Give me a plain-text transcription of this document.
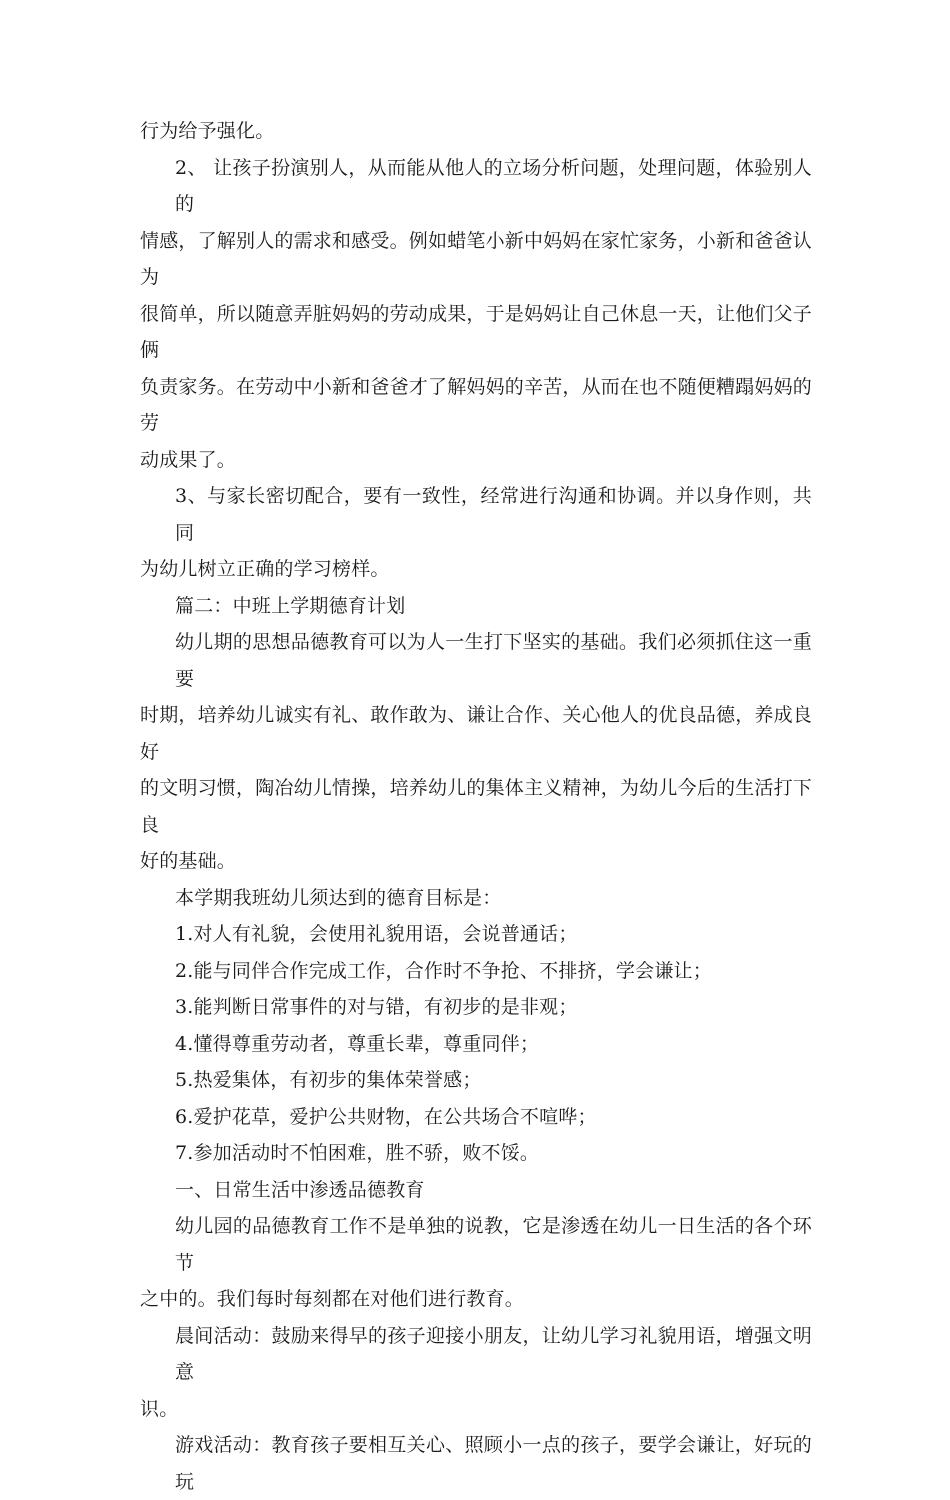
行为给予强化。

2、 让孩子扮演别人，从而能从他人的立场分析问题，处理问题，体验别人的
情感，了解别人的需求和感受。例如蜡笔小新中妈妈在家忙家务，小新和爸爸认为
很简单，所以随意弄脏妈妈的劳动成果，于是妈妈让自己休息一天，让他们父子俩
负责家务。在劳动中小新和爸爸才了解妈妈的辛苦，从而在也不随便糟蹋妈妈的劳
动成果了。

3、与家长密切配合，要有一致性，经常进行沟通和协调。并以身作则，共同
为幼儿树立正确的学习榜样。

篇二：中班上学期德育计划

幼儿期的思想品德教育可以为人一生打下坚实的基础。我们必须抓住这一重要
时期，培养幼儿诚实有礼、敢作敢为、谦让合作、关心他人的优良品德，养成良好
的文明习惯，陶冶幼儿情操，培养幼儿的集体主义精神，为幼儿今后的生活打下良
好的基础。

本学期我班幼儿须达到的德育目标是：

1.对人有礼貌，会使用礼貌用语，会说普通话；

2.能与同伴合作完成工作，合作时不争抢、不排挤，学会谦让；

3.能判断日常事件的对与错，有初步的是非观；

4.懂得尊重劳动者，尊重长辈，尊重同伴；

5.热爱集体，有初步的集体荣誉感；

6.爱护花草，爱护公共财物，在公共场合不喧哗；

7.参加活动时不怕困难，胜不骄，败不馁。

一、日常生活中渗透品德教育

幼儿园的品德教育工作不是单独的说教，它是渗透在幼儿一日生活的各个环节
之中的。我们每时每刻都在对他们进行教育。

晨间活动：鼓励来得早的孩子迎接小朋友，让幼儿学习礼貌用语，增强文明意
识。

游戏活动：教育孩子要相互关心、照顾小一点的孩子，要学会谦让，好玩的玩
